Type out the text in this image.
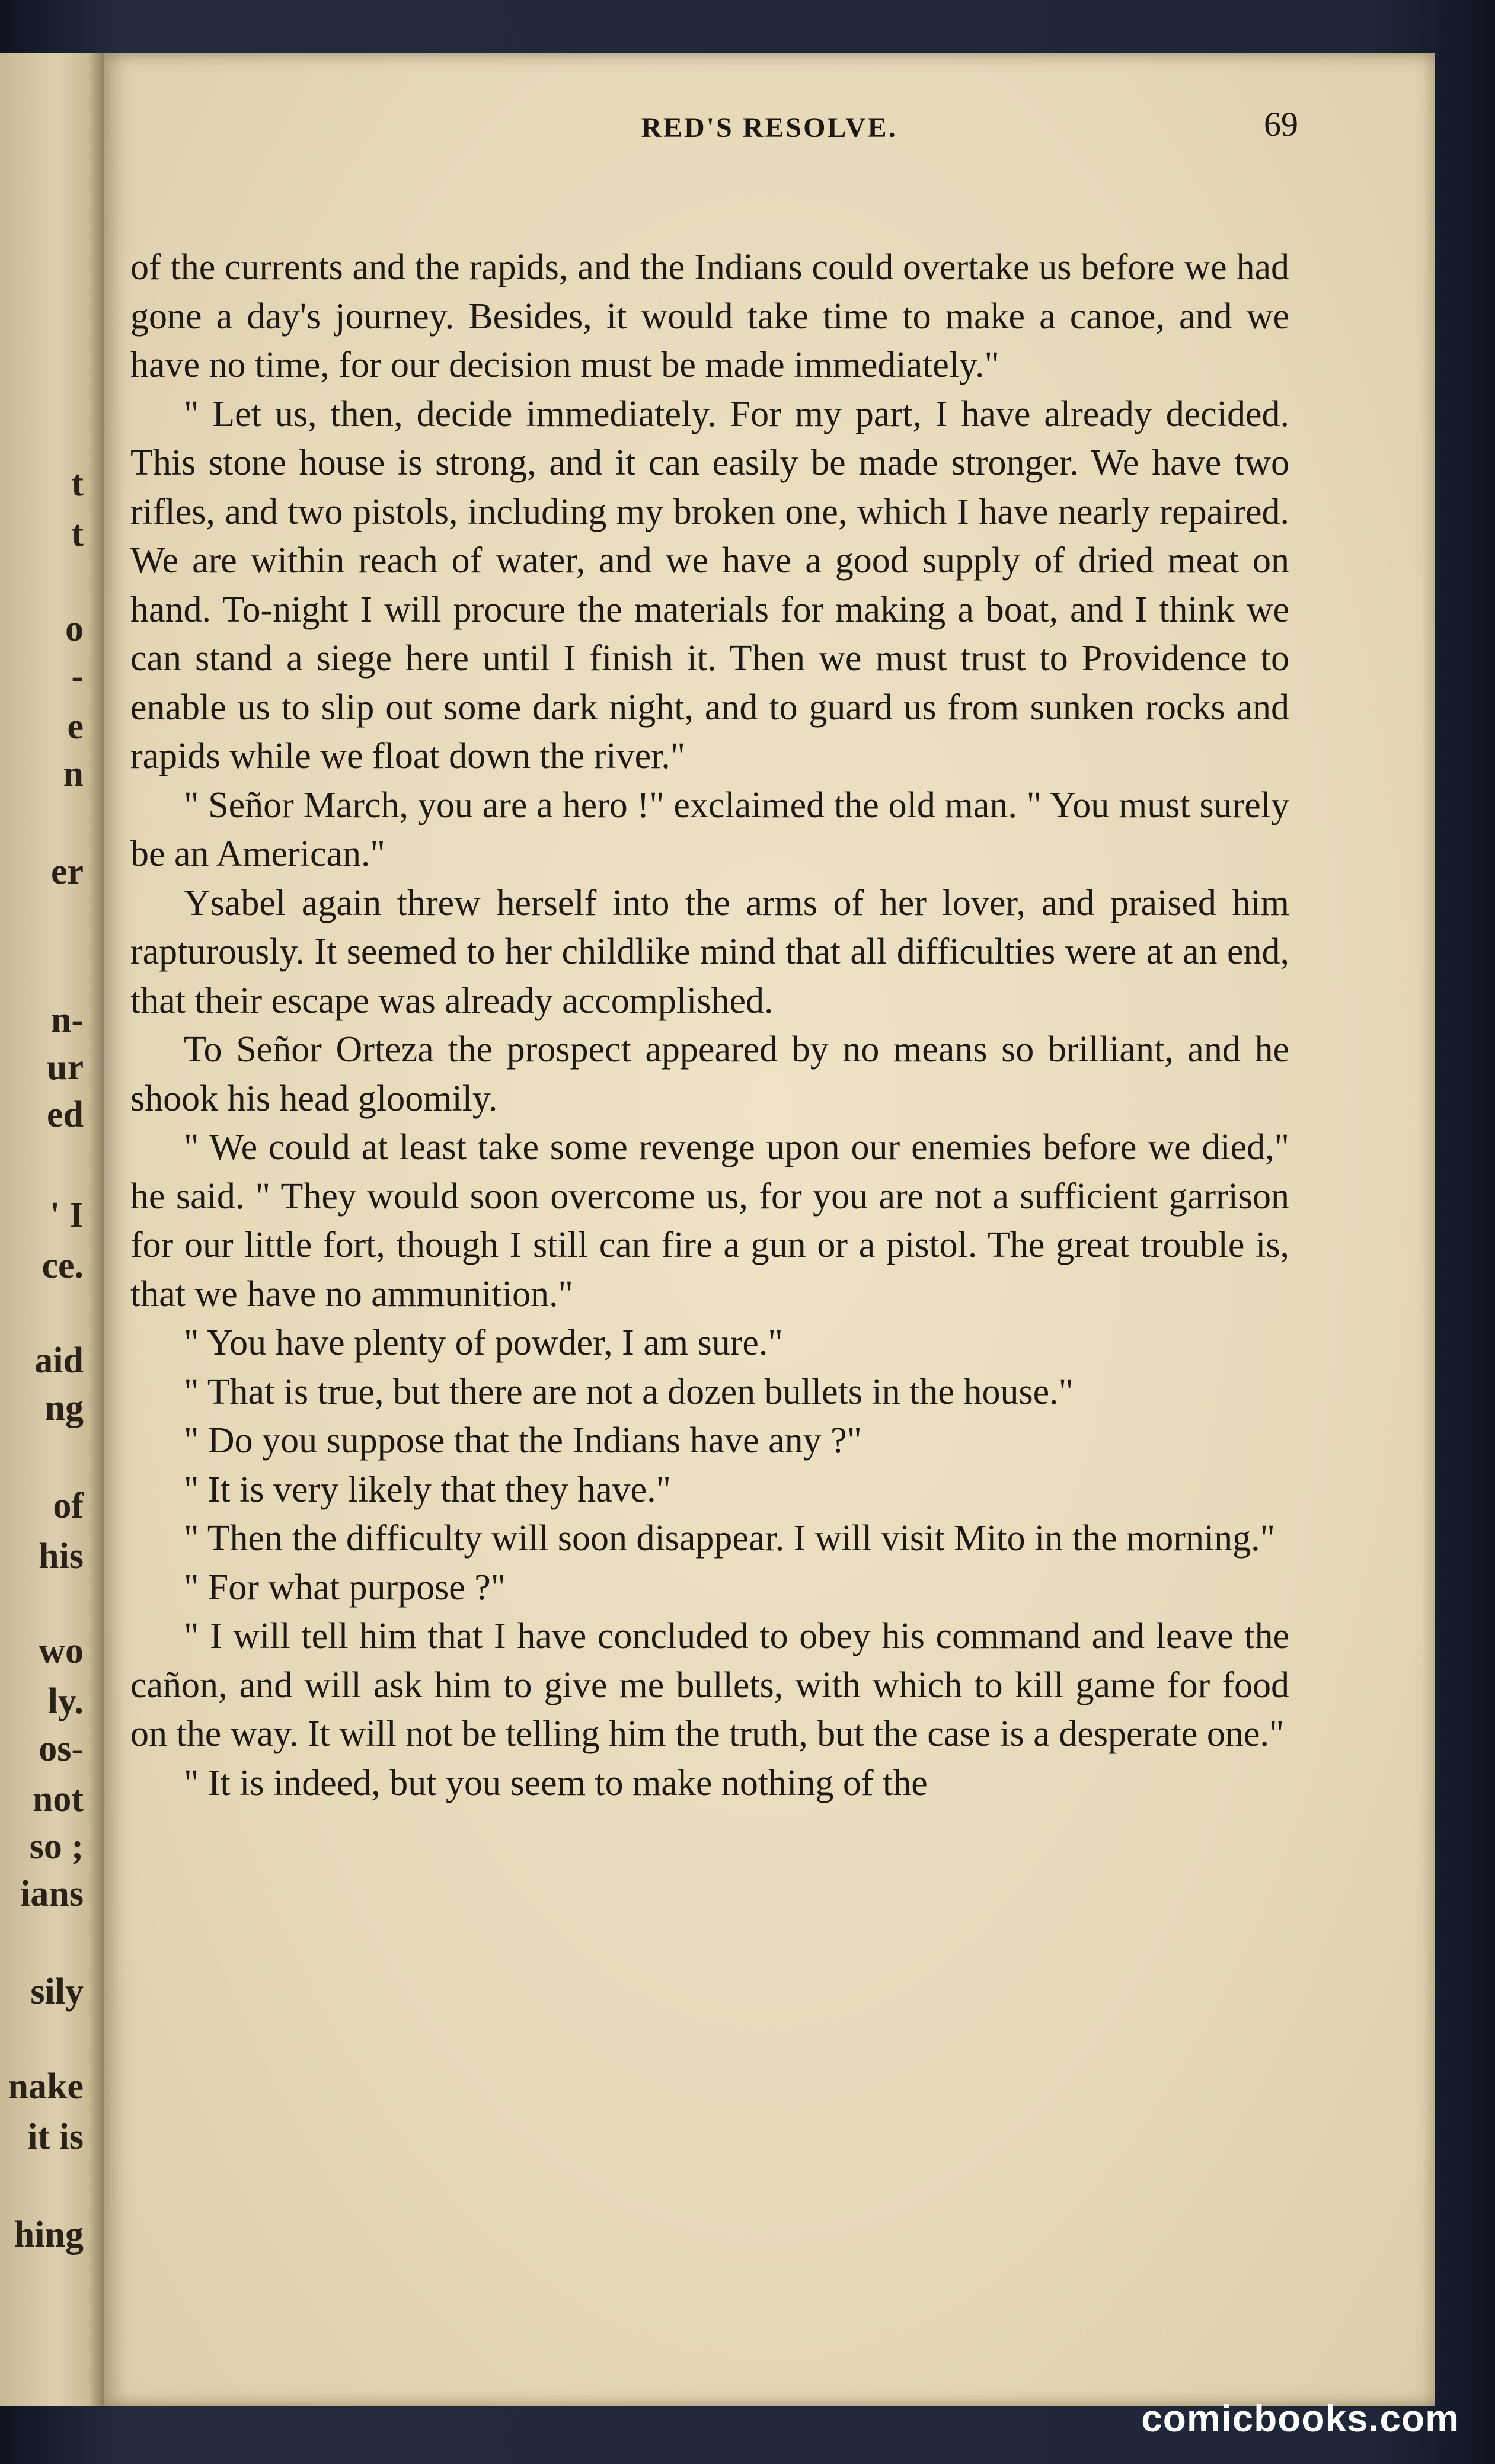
t
t
o
-
e
n
er
n-
ur
ed
' I
ce.
aid
ng
of
his
wo
ly.
os-
not
so ;
ians
sily
nake
it is
hing
RED'S RESOLVE.	69

of the currents and the rapids, and the Indians could overtake us before we had gone a day's journey. Besides, it would take time to make a canoe, and we have no time, for our decision must be made immediately."

" Let us, then, decide immediately. For my part, I have already decided. This stone house is strong, and it can easily be made stronger. We have two rifles, and two pistols, including my broken one, which I have nearly repaired. We are within reach of water, and we have a good supply of dried meat on hand. To-night I will procure the materials for making a boat, and I think we can stand a siege here until I finish it. Then we must trust to Providence to enable us to slip out some dark night, and to guard us from sunken rocks and rapids while we float down the river."

" Señor March, you are a hero !" exclaimed the old man. " You must surely be an American."

Ysabel again threw herself into the arms of her lover, and praised him rapturously. It seemed to her childlike mind that all difficulties were at an end, that their escape was already accomplished.

To Señor Orteza the prospect appeared by no means so brilliant, and he shook his head gloomily.

" We could at least take some revenge upon our enemies before we died," he said. " They would soon overcome us, for you are not a sufficient garrison for our little fort, though I still can fire a gun or a pistol. The great trouble is, that we have no ammunition."

" You have plenty of powder, I am sure."

" That is true, but there are not a dozen bullets in the house."

" Do you suppose that the Indians have any ?"

" It is very likely that they have."

" Then the difficulty will soon disappear. I will visit Mito in the morning."

" For what purpose ?"

" I will tell him that I have concluded to obey his command and leave the cañon, and will ask him to give me bullets, with which to kill game for food on the way. It will not be telling him the truth, but the case is a desperate one."

" It is indeed, but you seem to make nothing of the

comicbooks.com
